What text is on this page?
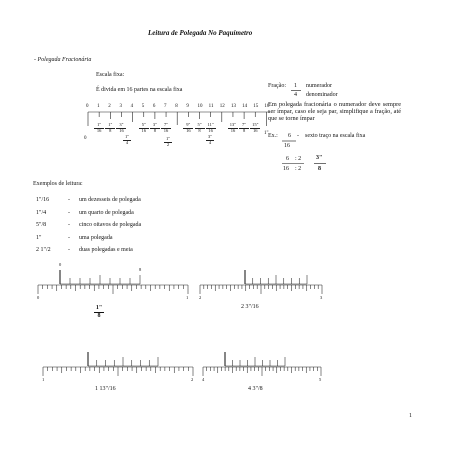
Leitura de Polegada No Paquímetro
- Polegada Fracionária
Escala fixa:
É divida em 16 partes na escala fixa
0 1 2 3 4 5 6 7 8 9 10 11 12 13 14 15 16
$\frac{1"}{16} \frac{1"}{8} \frac{3"}{16}$	$\frac{5"}{16} \frac{3"}{8} \frac{7"}{16}$	$\frac{9"}{16} \frac{5"}{8} \frac{11"}{16}$	$\frac{13"}{16} \frac{7"}{8} \frac{15"}{16}$
0	$\frac{1"}{4}$	$\frac{1"}{2}$	$\frac{3"}{4}$
1"
Fração: 1 numerador
4 denominador
Em polegada fracionária o numerador deve sempre ser ímpar, caso ele seja par, simplifique a fração, até que se torne ímpar
Ex.: 6 - sexto traço na escala fixa
16
6 : 2
16 : 2
3"
8
Exemplos de leitura:
1"/16	- um dezesseis de polegada
1"/4	- um quarto de polegada
5"/8	- cinco oitavos de polegada
1"	- uma polegada
2 1"/2	- duas polegadas e meia
0	1
0
8
2	3
1	2 4	5
$\frac{1"}{8}$	2 3"/16
1 13"/16	4 3"/8
1
